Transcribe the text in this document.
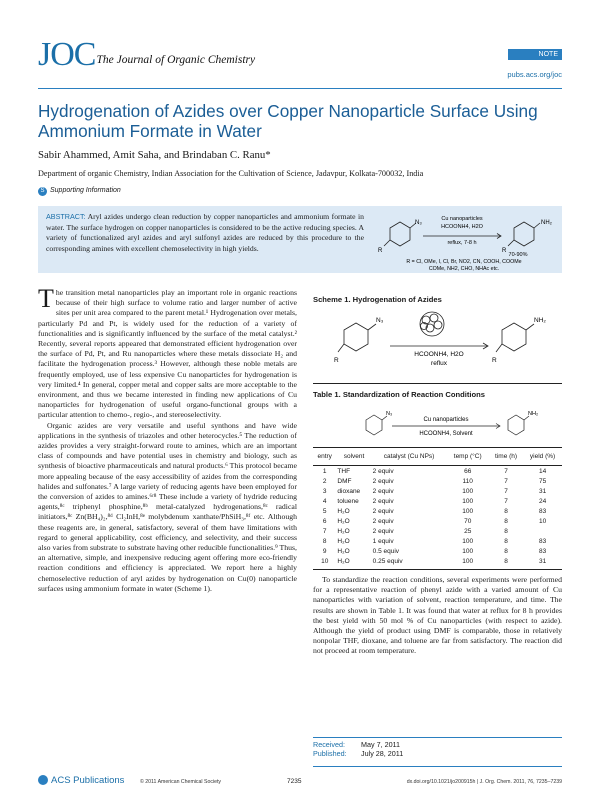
JOCThe Journal of Organic Chemistry	NOTE
pubs.acs.org/joc
Hydrogenation of Azides over Copper Nanoparticle Surface Using Ammonium Formate in Water
Sabir Ahammed, Amit Saha, and Brindaban C. Ranu*
Department of organic Chemistry, Indian Association for the Cultivation of Science, Jadavpur, Kolkata-700032, India
S Supporting Information
ABSTRACT: Aryl azides undergo clean reduction by copper nanoparticles and ammonium formate in water. The surface hydrogen on copper nanoparticles is considered to be the active reducing species. A variety of functionalized aryl azides and aryl sulfonyl azides are reduced by this procedure to the corresponding amines with excellent chemoselectivity in high yields.
N₃
R
NH₂
R
Cu nanoparticles
HCOONH4, H2O
reflux, 7-8 h
70-90%
R = Cl, OMe, I, Cl, Br, NO2, CN, COOH, COOMe
COMe, NH2, CHO, NHAc etc.

The transition metal nanoparticles play an important role in organic reactions because of their high surface to volume ratio and larger number of active sites per unit area compared to the parent metal.¹ Hydrogenation over metals, particularly Pd and Pt, is widely used for the reduction of a variety of functionalities and is significantly influenced by the surface of the metal catalyst.² Recently, several reports appeared that demonstrated efficient hydrogenation over the surface of Pd, Pt, and Ru nanoparticles where these metals dissociate H₂ and facilitate the hydrogenation process.³ However, although these noble metals are frequently employed, use of less expensive Cu nanoparticles for hydrogenation is very limited.⁴ In general, copper metal and copper salts are more acceptable to the environment, and thus we became interested in finding new applications of Cu nanoparticles for hydrogenation of useful organo-functional groups with a particular attention to chemo-, regio-, and stereoselectivity.

Organic azides are very versatile and useful synthons and have wide applications in the synthesis of triazoles and other heterocycles.⁵ The reduction of azides provides a very straight-forward route to amines, which are an important class of compounds and have potential uses in chemistry and biology, such as synthesis of bioactive pharmaceuticals and natural products.⁶ This protocol became more appealing because of the easy accessibility of azides from the corresponding halides and sulfonates.⁷ A large variety of reducing agents have been employed for the conversion of azides to amines.⁶ʳ⁸ These include a variety of hydride reducing agents,⁸ᶜ triphenyl phosphine,⁸ᵇ metal-catalyzed hydrogenations,⁸ᶜ radical initiators,⁸ᶜ Zn(BH₄)₂,⁸ᵈ Cl₂InH,⁸ᵉ molybdenum xanthate/PhSiH₃,⁸ᶠ etc. Although these reagents are, in general, satisfactory, several of them have limitations with regard to general applicability, cost efficiency, and selectivity, and their success also varies from substrate to substrate having other reducible functionalities.⁹ Thus, an alternative, simple, and inexpensive reducing agent offering more eco-friendly reaction conditions and efficiency is appreciated. We report here a highly chemoselective reduction of aryl azides by hydrogenation on Cu(0) nanoparticle surfaces using ammonium formate in water (Scheme 1).

Scheme 1. Hydrogenation of Azides
N₃
R
NH₂
R
HCOONH4, H2O
reflux
Table 1. Standardization of Reaction Conditions
N₃	NH₂
Cu nanoparticles
HCOONH4, Solvent
entry	solvent	catalyst (Cu NPs)	temp (°C)	time (h)	yield (%)
1	THF	2 equiv	66	7	14
2	DMF	2 equiv	110	7	75
3	dioxane	2 equiv	100	7	31
4	toluene	2 equiv	100	7	24
5	H₂O	2 equiv	100	8	83
6	H₂O	2 equiv	70	8	10
7	H₂O	2 equiv	25	8	
8	H₂O	1 equiv	100	8	83
9	H₂O	0.5 equiv	100	8	83
10	H₂O	0.25 equiv	100	8	31

To standardize the reaction conditions, several experiments were performed for a representative reaction of phenyl azide with a varied amount of Cu nanoparticles with variation of solvent, reaction temperature, and time. The results are shown in Table 1. It was found that water at reflux for 8 h provides the best yield with 50 mol % of Cu nanoparticles (with respect to azide). Although the yield of product using DMF is comparable, those in relatively nonpolar THF, dioxane, and toluene are far from satisfactory. The reaction did not proceed at room temperature.

Received: May 7, 2011
Published: July 28, 2011
ACS Publications	© 2011 American Chemical Society	7235	dx.doi.org/10.1021/jo200915h | J. Org. Chem. 2011, 76, 7235–7239
